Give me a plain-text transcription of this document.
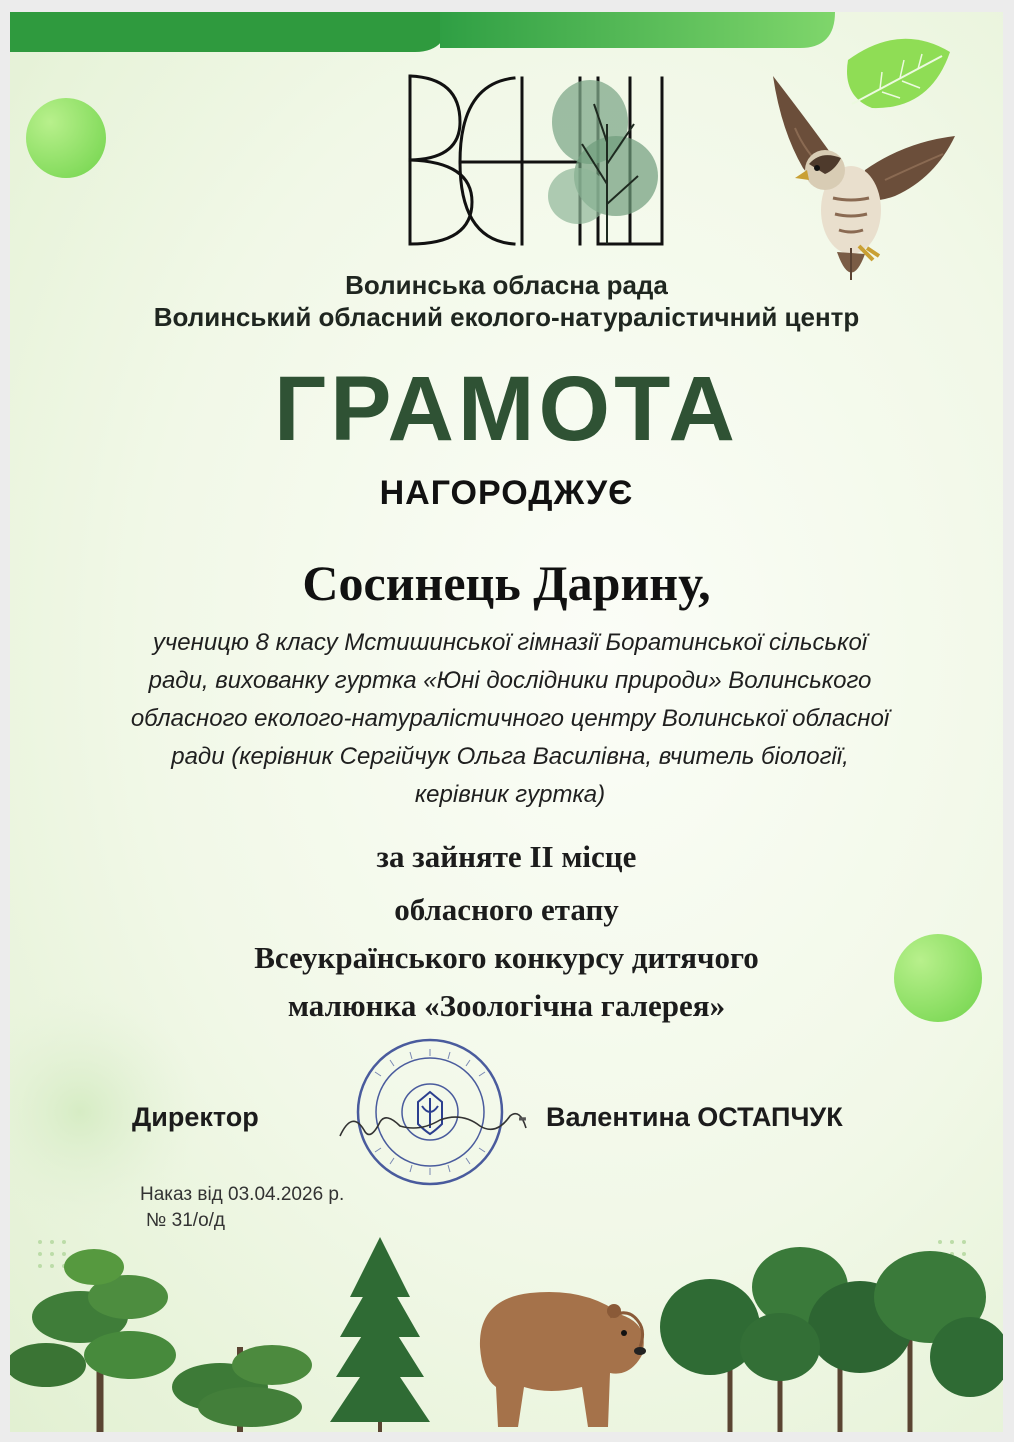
Волинська обласна рада
Волинський обласний еколого-натуралістичний центр
ГРАМОТА
НАГОРОДЖУЄ
Сосинець Дарину,
ученицю 8 класу Мстишинської гімназії Боратинської сільської
ради, вихованку гуртка «Юні дослідники природи» Волинського
обласного еколого-натуралістичного центру Волинської обласної
ради (керівник Сергійчук Ольга Василівна, вчитель біології,
керівник гуртка)
за зайняте ІІ місце
обласного етапу
Всеукраїнського конкурсу дитячого
малюнка «Зоологічна галерея»
Директор	- Валентина ОСТАПЧУК
Наказ від 03.04.2026 р.
№ 31/о/д
